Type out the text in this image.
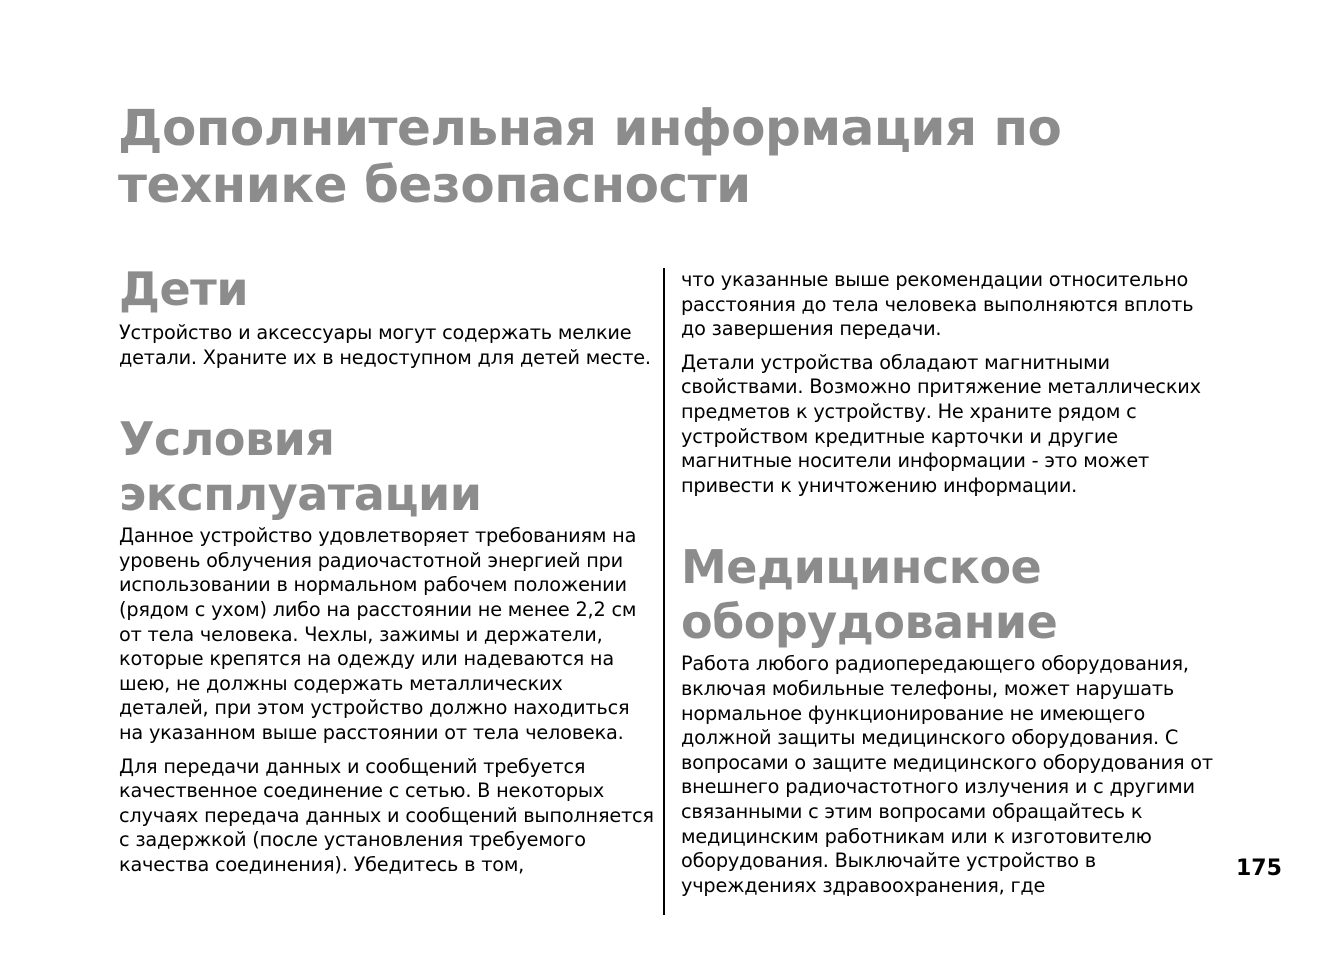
Дополнительная информация по технике безопасности
Дети

Устройство и аксессуары могут содержать мелкие детали. Храните их в недоступном для детей месте.

Условия эксплуатации

Данное устройство удовлетворяет требованиям на уровень облучения радиочастотной энергией при использовании в нормальном рабочем положении (рядом с ухом) либо на расстоянии не менее 2,2 см от тела человека. Чехлы, зажимы и держатели, которые крепятся на одежду или надеваются на шею, не должны содержать металлических деталей, при этом устройство должно находиться на указанном выше расстоянии от тела человека.

Для передачи данных и сообщений требуется качественное соединение с сетью. В некоторых случаях передача данных и сообщений выполняется с задержкой (после установления требуемого качества соединения). Убедитесь в том,

что указанные выше рекомендации относительно расстояния до тела человека выполняются вплоть до завершения передачи.

Детали устройства обладают магнитными свойствами. Возможно притяжение металлических предметов к устройству. Не храните рядом с устройством кредитные карточки и другие магнитные носители информации - это может привести к уничтожению информации.

Медицинское оборудование

Работа любого радиопередающего оборудования, включая мобильные телефоны, может нарушать нормальное функционирование не имеющего должной защиты медицинского оборудования. С вопросами о защите медицинского оборудования от внешнего радиочастотного излучения и с другими связанными с этим вопросами обращайтесь к медицинским работникам или к изготовителю оборудования. Выключайте устройство в учреждениях здравоохранения, где

175
